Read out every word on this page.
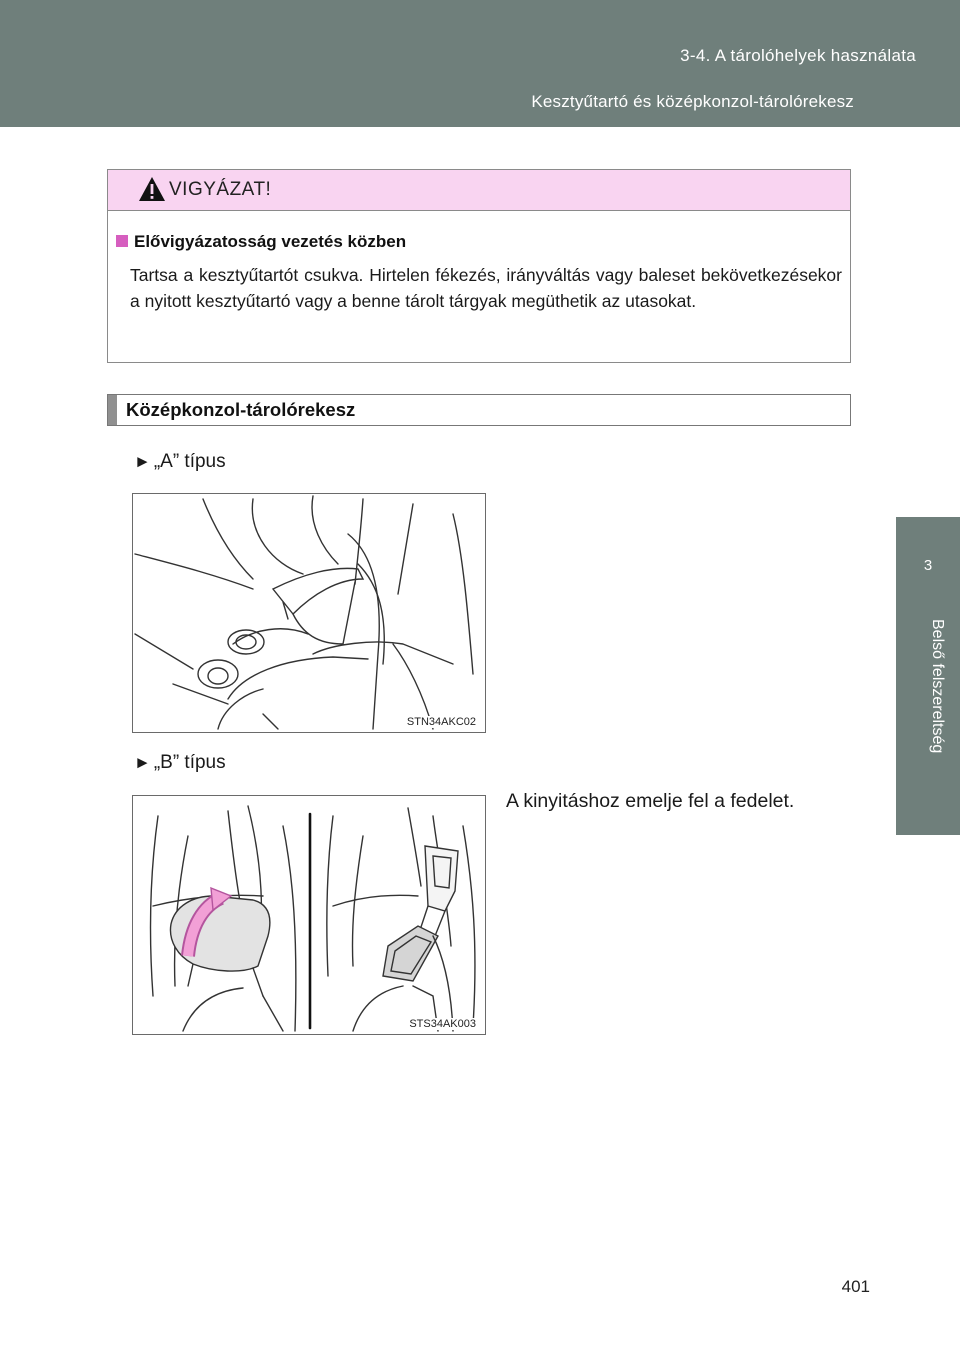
3-4. A tárolóhelyek használata
Kesztyűtartó és középkonzol-tárolórekesz
3
Belső felszereltség
VIGYÁZAT!
Elővigyázatosság vezetés közben
Tartsa a kesztyűtartót csukva. Hirtelen fékezés, irányváltás vagy baleset bekövetkezésekor a nyitott kesztyűtartó vagy a benne tárolt tárgyak megüthetik az utasokat.
Középkonzol-tárolórekesz
► „A” típus
STN34AKC02
► „B” típus
A kinyitáshoz emelje fel a fedelet.
STS34AK003
401
